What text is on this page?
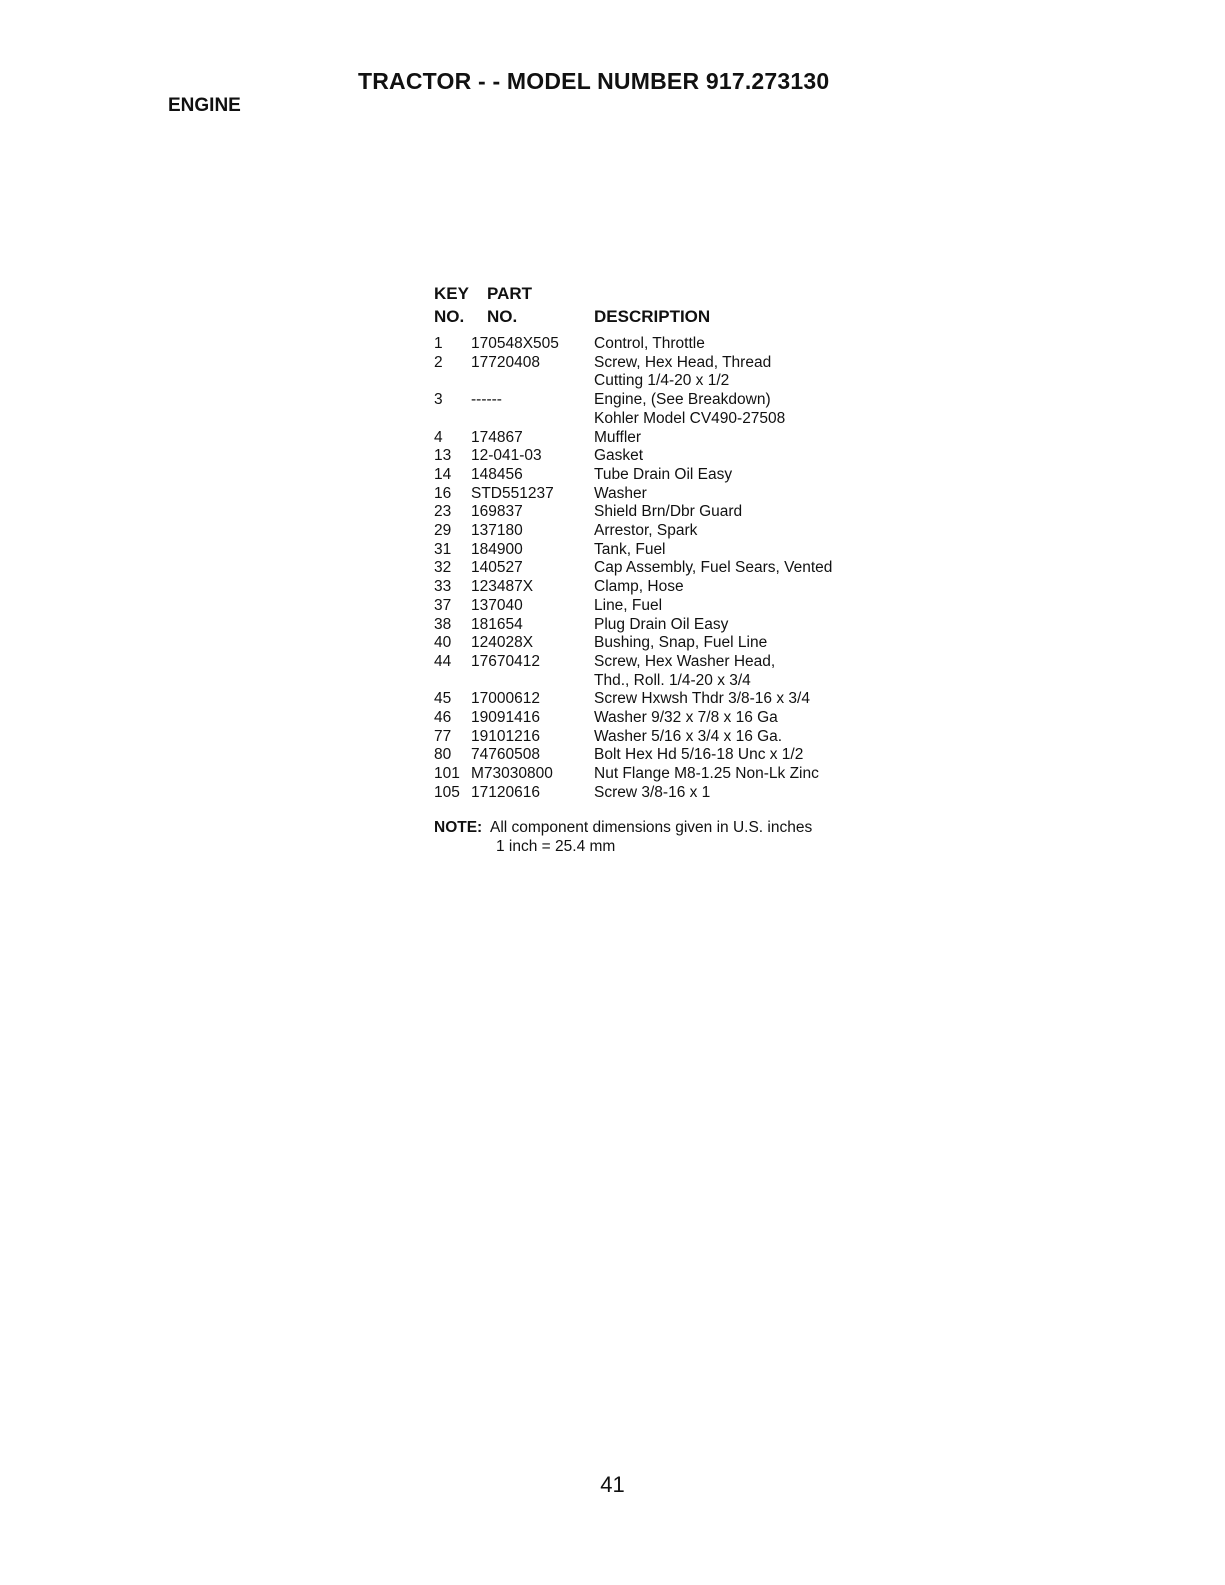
TRACTOR - - MODEL NUMBER 917.273130
ENGINE
KEY PART
NO. NO.	DESCRIPTION
1	170548X505	Control, Throttle
2	17720408	Screw, Hex Head, Thread
Cutting 1/4-20 x 1/2
3	------	Engine, (See Breakdown)
Kohler Model CV490-27508
4	174867	Muffler
13	12-041-03	Gasket
14	148456	Tube Drain Oil Easy
16	STD551237	Washer
23	169837	Shield Brn/Dbr Guard
29	137180	Arrestor, Spark
31	184900	Tank, Fuel
32	140527	Cap Assembly, Fuel Sears, Vented
33	123487X	Clamp, Hose
37	137040	Line, Fuel
38	181654	Plug Drain Oil Easy
40	124028X	Bushing, Snap, Fuel Line
44	17670412	Screw, Hex Washer Head,
Thd., Roll. 1/4-20 x 3/4
45	17000612	Screw Hxwsh Thdr 3/8-16 x 3/4
46	19091416	Washer 9/32 x 7/8 x 16 Ga
77	19101216	Washer 5/16 x 3/4 x 16 Ga.
80	74760508	Bolt Hex Hd 5/16-18 Unc x 1/2
101 M73030800	Nut Flange M8-1.25 Non-Lk Zinc
105 17120616	Screw 3/8-16 x 1
NOTE: All component dimensions given in U.S. inches
1 inch = 25.4 mm
41
